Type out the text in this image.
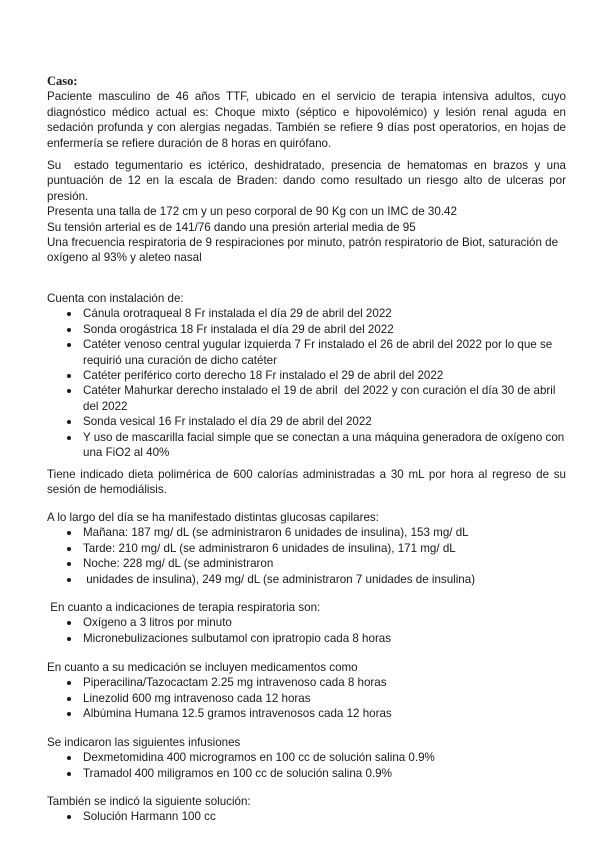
Caso:

Paciente masculino de 46 años TTF, ubicado en el servicio de terapia intensiva adultos, cuyo
diagnóstico médico actual es: Choque mixto (séptico e hipovolémico) y lesión renal aguda en
sedación profunda y con alergias negadas. También se refiere 9 días post operatorios, en hojas de
enfermería se refiere duración de 8 horas en quirófano.

Su  estado tegumentario es ictérico, deshidratado, presencia de hematomas en brazos y una
puntuación de 12 en la escala de Braden: dando como resultado un riesgo alto de ulceras por
presión.

Presenta una talla de 172 cm y un peso corporal de 90 Kg con un IMC de 30.42
Su tensión arterial es de 141/76 dando una presión arterial media de 95
Una frecuencia respiratoria de 9 respiraciones por minuto, patrón respiratorio de Biot, saturación de
oxígeno al 93% y aleteo nasal

Cuenta con instalación de:

Cánula orotraqueal 8 Fr instalada el día 29 de abril del 2022
Sonda orogástrica 18 Fr instalada el día 29 de abril del 2022
Catéter venoso central yugular izquierda 7 Fr instalado el 26 de abril del 2022 por lo que se
requirió una curación de dicho catéter
Catéter periférico corto derecho 18 Fr instalado el 29 de abril del 2022
Catéter Mahurkar derecho instalado el 19 de abril  del 2022 y con curación el día 30 de abril
del 2022
Sonda vesical 16 Fr instalado el día 29 de abril del 2022
Y uso de mascarilla facial simple que se conectan a una máquina generadora de oxígeno con
una FiO2 al 40%

Tiene indicado dieta polimérica de 600 calorías administradas a 30 mL por hora al regreso de su
sesión de hemodiálisis.

A lo largo del día se ha manifestado distintas glucosas capilares:

Mañana: 187 mg/ dL (se administraron 6 unidades de insulina), 153 mg/ dL
Tarde: 210 mg/ dL (se administraron 6 unidades de insulina), 171 mg/ dL
Noche: 228 mg/ dL (se administraron
unidades de insulina), 249 mg/ dL (se administraron 7 unidades de insulina)

En cuanto a indicaciones de terapia respiratoria son:

Oxígeno a 3 litros por minuto
Micronebulizaciones sulbutamol con ipratropio cada 8 horas

En cuanto a su medicación se incluyen medicamentos como

Piperacilina/Tazocactam 2.25 mg intravenoso cada 8 horas
Linezolid 600 mg intravenoso cada 12 horas
Albúmina Humana 12.5 gramos intravenosos cada 12 horas

Se indicaron las siguientes infusiones

Dexmetomidina 400 microgramos en 100 cc de solución salina 0.9%
Tramadol 400 miligramos en 100 cc de solución salina 0.9%

También se indicó la siguiente solución:

Solución Harmann 100 cc
